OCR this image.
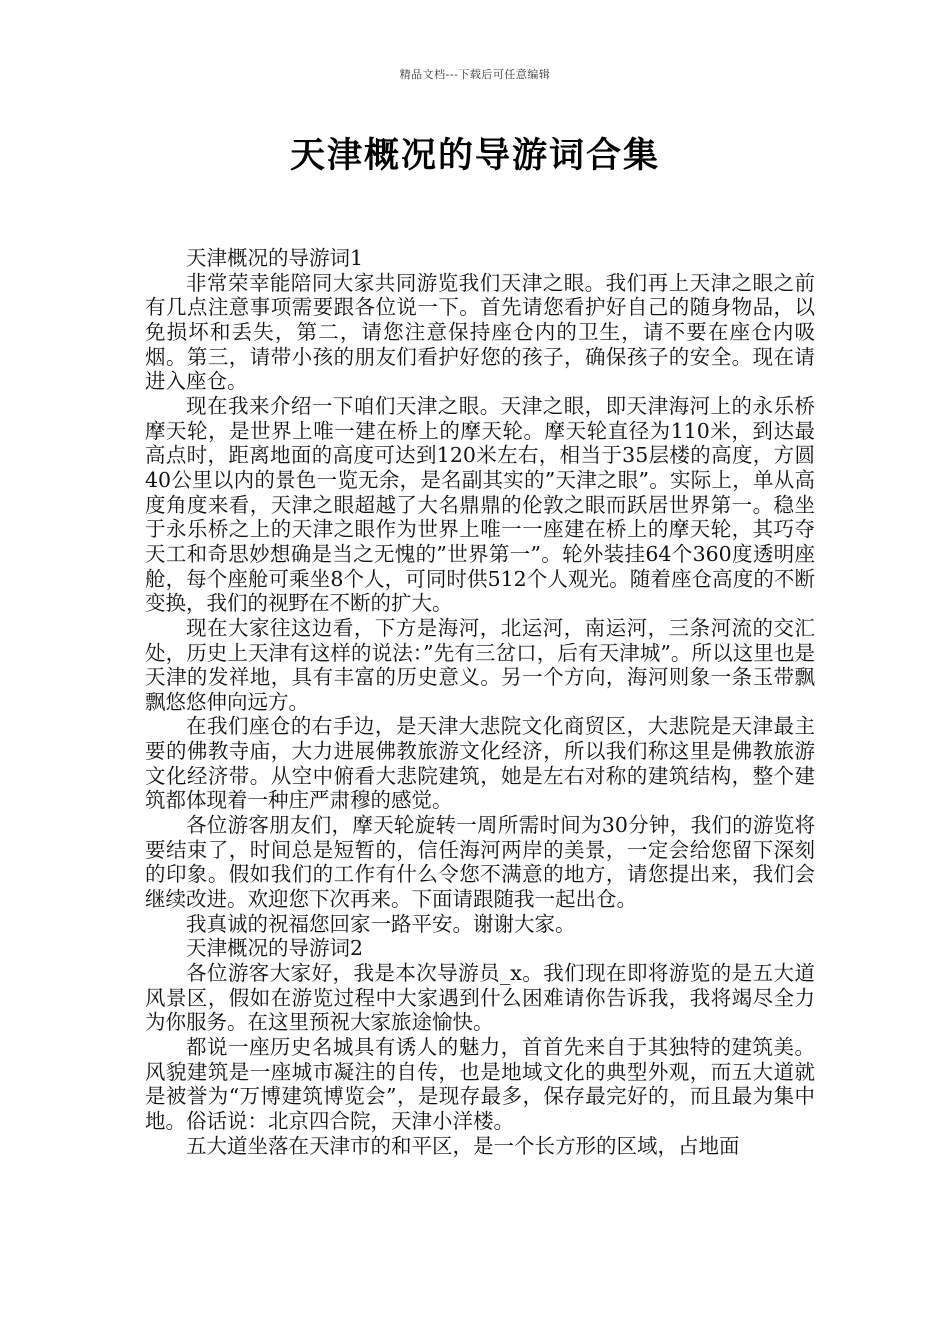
精品文档---下载后可任意编辑
天津概况的导游词合集

天津概况的导游词1

非常荣幸能陪同大家共同游览我们天津之眼。我们再上天津之眼之前有几点注意事项需要跟各位说一下。首先请您看护好自己的随身物品，以免损坏和丢失，第二，请您注意保持座仓内的卫生，请不要在座仓内吸烟。第三，请带小孩的朋友们看护好您的孩子，确保孩子的安全。现在请进入座仓。

现在我来介绍一下咱们天津之眼。天津之眼，即天津海河上的永乐桥摩天轮，是世界上唯一建在桥上的摩天轮。摩天轮直径为110米，到达最高点时，距离地面的高度可达到120米左右，相当于35层楼的高度，方圆40公里以内的景色一览无余，是名副其实的”天津之眼”。实际上，单从高度角度来看，天津之眼超越了大名鼎鼎的伦敦之眼而跃居世界第一。稳坐于永乐桥之上的天津之眼作为世界上唯一一座建在桥上的摩天轮，其巧夺天工和奇思妙想确是当之无愧的”世界第一”。轮外装挂64个360度透明座舱，每个座舱可乘坐8个人，可同时供512个人观光。随着座仓高度的不断变换，我们的视野在不断的扩大。

现在大家往这边看，下方是海河，北运河，南运河，三条河流的交汇处，历史上天津有这样的说法：”先有三岔口，后有天津城”。所以这里也是天津的发祥地，具有丰富的历史意义。另一个方向，海河则象一条玉带飘飘悠悠伸向远方。

在我们座仓的右手边，是天津大悲院文化商贸区，大悲院是天津最主要的佛教寺庙，大力进展佛教旅游文化经济，所以我们称这里是佛教旅游文化经济带。从空中俯看大悲院建筑，她是左右对称的建筑结构，整个建筑都体现着一种庄严肃穆的感觉。

各位游客朋友们，摩天轮旋转一周所需时间为30分钟，我们的游览将要结束了，时间总是短暂的，信任海河两岸的美景，一定会给您留下深刻的印象。假如我们的工作有什么令您不满意的地方，请您提出来，我们会继续改进。欢迎您下次再来。下面请跟随我一起出仓。

我真诚的祝福您回家一路平安。谢谢大家。

天津概况的导游词2

各位游客大家好，我是本次导游员_x。我们现在即将游览的是五大道风景区，假如在游览过程中大家遇到什么困难请你告诉我，我将竭尽全力为你服务。在这里预祝大家旅途愉快。

都说一座历史名城具有诱人的魅力，首首先来自于其独特的建筑美。风貌建筑是一座城市凝注的自传，也是地域文化的典型外观，而五大道就是被誉为“万博建筑博览会”，是现存最多，保存最完好的，而且最为集中地。俗话说：北京四合院，天津小洋楼。

五大道坐落在天津市的和平区，是一个长方形的区域，占地面
